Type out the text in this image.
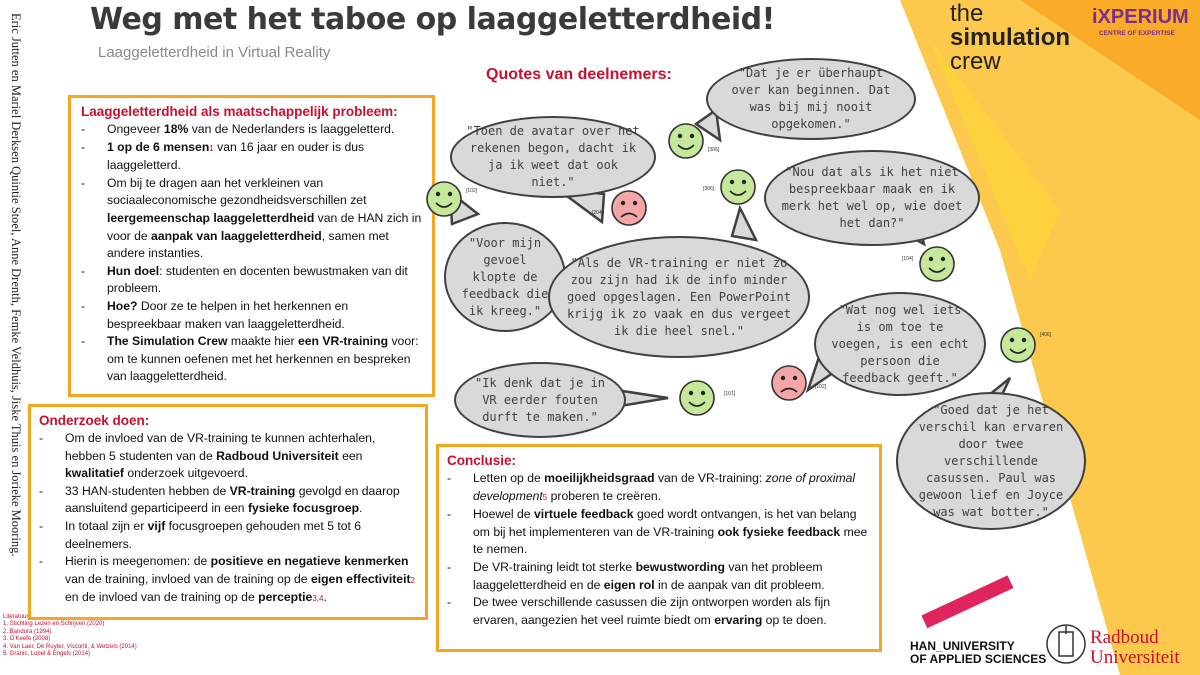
Eric Jutten en Mariel Derksen Quintie Stoel, Anne Drenth, Femke Veldhuis, Jiske Thuis en Jorieke Mooring. Weg met het taboe op laaggeletterdheid!
Laaggeletterdheid in Virtual Reality
the
simulation
crew
iXPERIUM
CENTRE OF EXPERTISE
Laaggeletterdheid als maatschappelijk probleem:
- Ongeveer 18% van de Nederlanders is laaggeletterd.
- 1 op de 6 mensen1 van 16 jaar en ouder is dus laaggeletterd.
- Om bij te dragen aan het verkleinen van sociaaleconomische gezondheidsverschillen zet leergemeenschap laaggeletterdheid van de HAN zich in voor de aanpak van laaggeletterdheid, samen met andere instanties.
- Hun doel: studenten en docenten bewustmaken van dit probleem.
- Hoe? Door ze te helpen in het herkennen en bespreekbaar maken van laaggeletterdheid.
- The Simulation Crew maakte hier een VR-training voor: om te kunnen oefenen met het herkennen en bespreken van laaggeletterdheid.
Onderzoek doen:
- Om de invloed van de VR-training te kunnen achterhalen, hebben 5 studenten van de Radboud Universiteit een kwalitatief onderzoek uitgevoerd.
- 33 HAN-studenten hebben de VR-training gevolgd en daarop aansluitend geparticipeerd in een fysieke focusgroep.
- In totaal zijn er vijf focusgroepen gehouden met 5 tot 6 deelnemers.
- Hierin is meegenomen: de positieve en negatieve kenmerken van de training, invloed van de training op de eigen effectiviteit2 en de invloed van de training op de perceptie3,4.
Conclusie:
- Letten op de moeilijkheidsgraad van de VR-training: zone of proximal development5 proberen te creëren.
- Hoewel de virtuele feedback goed wordt ontvangen, is het van belang om bij het implementeren van de VR-training ook fysieke feedback mee te nemen.
- De VR-training leidt tot sterke bewustwording van het probleem laaggeletterdheid en de eigen rol in de aanpak van dit probleem.
- De twee verschillende casussen die zijn ontworpen worden als fijn ervaren, aangezien het veel ruimte biedt om ervaring op te doen.
Quotes van deelnemers:
"Toen de avatar over het rekenen begon, dacht ik ja ik weet dat ook niet."
"Dat je er überhaupt over kan beginnen. Dat was bij mij nooit opgekomen."
"Nou dat als ik het niet bespreekbaar maak en ik merk het wel op, wie doet het dan?"
"Voor mijn gevoel klopte de feedback die ik kreeg."
"Als de VR-training er niet zo zou zijn had ik de info minder goed opgeslagen. Een PowerPoint krijg ik zo vaak en dus vergeet ik die heel snel."
"Wat nog wel iets is om toe te voegen, is een echt persoon die feedback geeft."
"Ik denk dat je in VR eerder fouten durft te maken."	"Goed dat je het verschil kan ervaren door twee verschillende casussen. Paul was gewoon lief en Joyce was wat botter."
[306]
[102]
[204]
[306]
[104]
[406]
[102]
[101]
Literatuur:
1. Stichting Lezen en Schrijven (2020)
2. Bandura (1994)
3. O'Keefe (2008)
4. Van Laer, De Ruyter, Visconti, & Wetzels (2014)
5. Granic, Lobel & Engels (2014)
HAN_UNIVERSITY
OF APPLIED SCIENCES
Radboud
Universiteit
